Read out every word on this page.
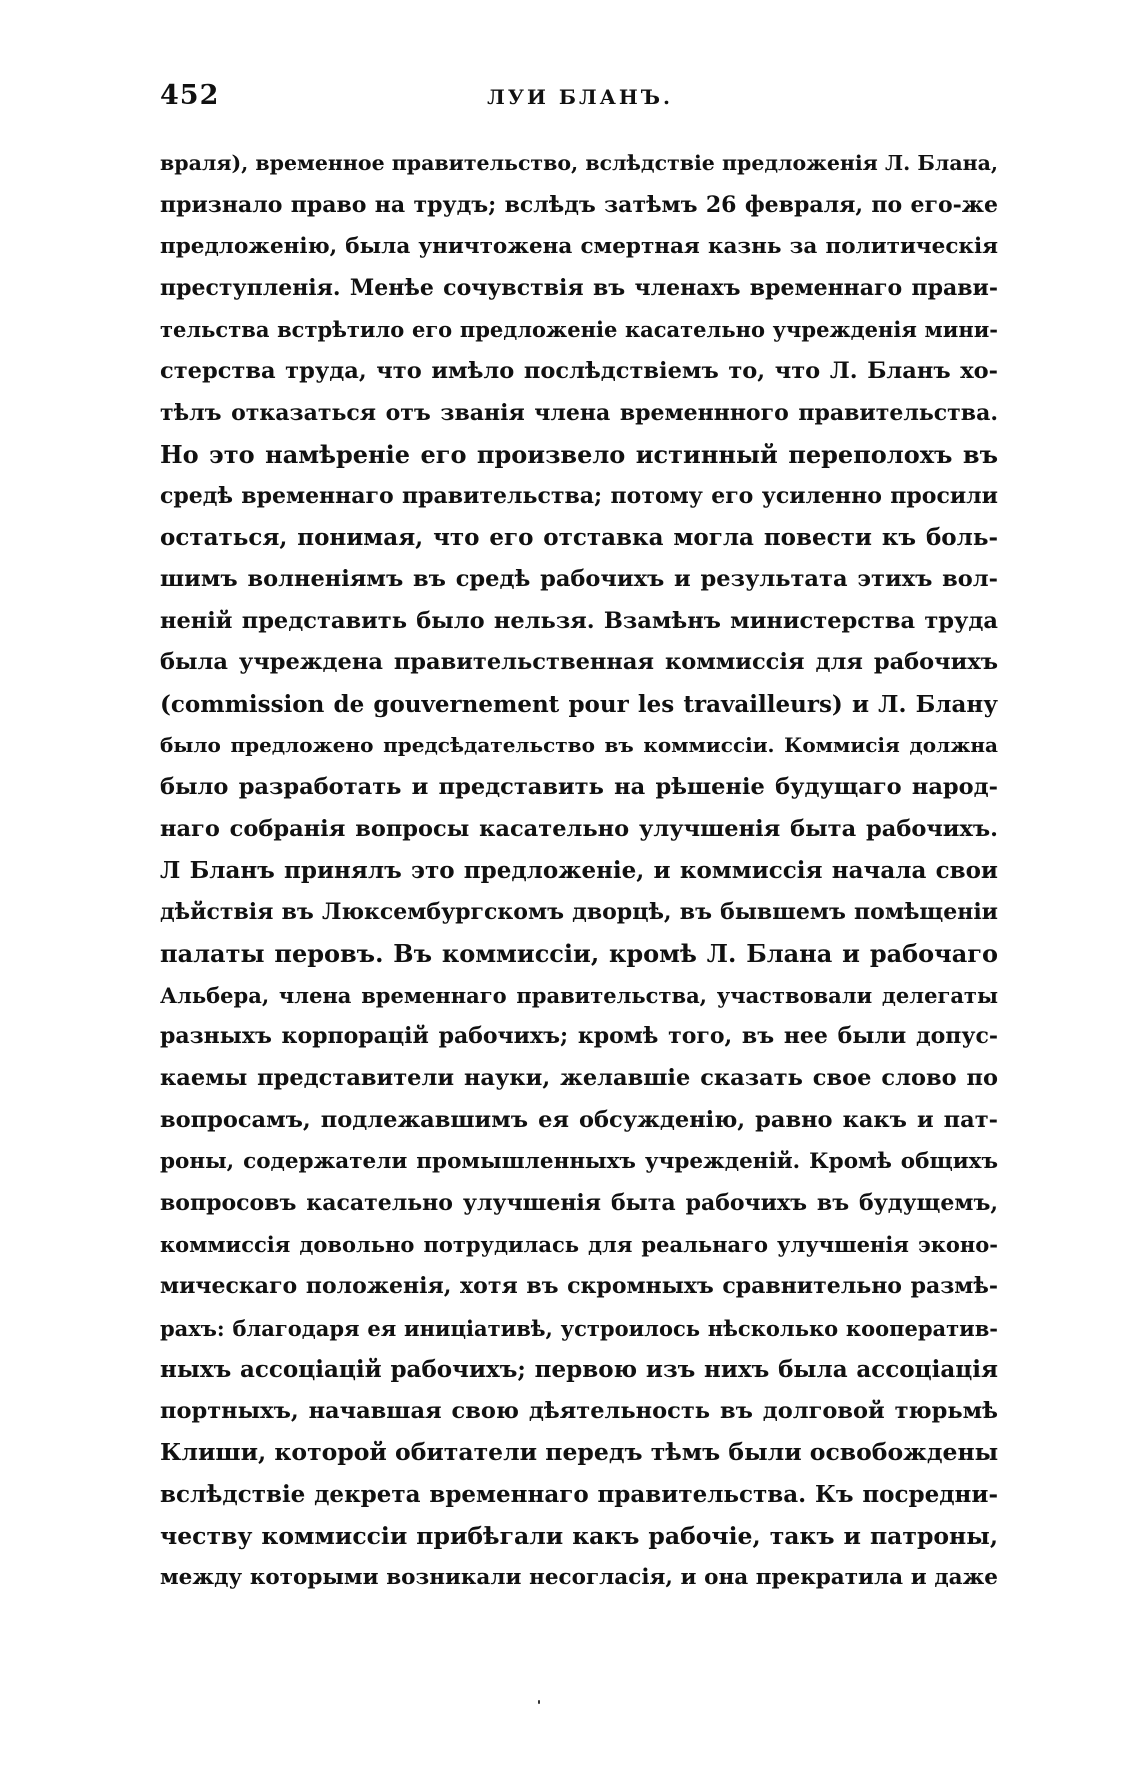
452	ЛУИ БЛАНЪ.
враля), временное правительство, вслѣдствіе предложенія Л. Блана,
признало право на трудъ; вслѣдъ затѣмъ 26 февраля, по его-же
предложенію, была уничтожена смертная казнь за политическія
преступленія. Менѣе сочувствія въ членахъ временнаго прави-
тельства встрѣтило его предложеніе касательно учрежденія мини-
стерства труда, что имѣло послѣдствіемъ то, что Л. Бланъ хо-
тѣлъ отказаться отъ званія члена временнного правительства.
Но это намѣреніе его произвело истинный переполохъ въ
средѣ временнаго правительства; потому его усиленно просили
остаться, понимая, что его отставка могла повести къ боль-
шимъ волненіямъ въ средѣ рабочихъ и результата этихъ вол-
неній представить было нельзя. Взамѣнъ министерства труда
была учреждена правительственная коммиссія для рабочихъ
(commission de gouvernement pour les travailleurs) и Л. Блану
было предложено предсѣдательство въ коммиссіи. Коммисія должна
было разработать и представить на рѣшеніе будущаго народ-
наго собранія вопросы касательно улучшенія быта рабочихъ.
Л Бланъ принялъ это предложеніе, и коммиссія начала свои
дѣйствія въ Люксембургскомъ дворцѣ, въ бывшемъ помѣщеніи
палаты перовъ. Въ коммиссіи, кромѣ Л. Блана и рабочаго
Альбера, члена временнаго правительства, участвовали делегаты
разныхъ корпорацій рабочихъ; кромѣ того, въ нее были допус-
каемы представители науки, желавшіе сказать свое слово по
вопросамъ, подлежавшимъ ея обсужденію, равно какъ и пат-
роны, содержатели промышленныхъ учрежденій. Кромѣ общихъ
вопросовъ касательно улучшенія быта рабочихъ въ будущемъ,
коммиссія довольно потрудилась для реальнаго улучшенія эконо-
мическаго положенія, хотя въ скромныхъ сравнительно размѣ-
рахъ: благодаря ея иниціативѣ, устроилось нѣсколько кооператив-
ныхъ ассоціацій рабочихъ; первою изъ нихъ была ассоціація
портныхъ, начавшая свою дѣятельность въ долговой тюрьмѣ
Клиши, которой обитатели передъ тѣмъ были освобождены
вслѣдствіе декрета временнаго правительства. Къ посредни-
честву коммиссіи прибѣгали какъ рабочіе, такъ и патроны,
между которыми возникали несогласія, и она прекратила и даже
